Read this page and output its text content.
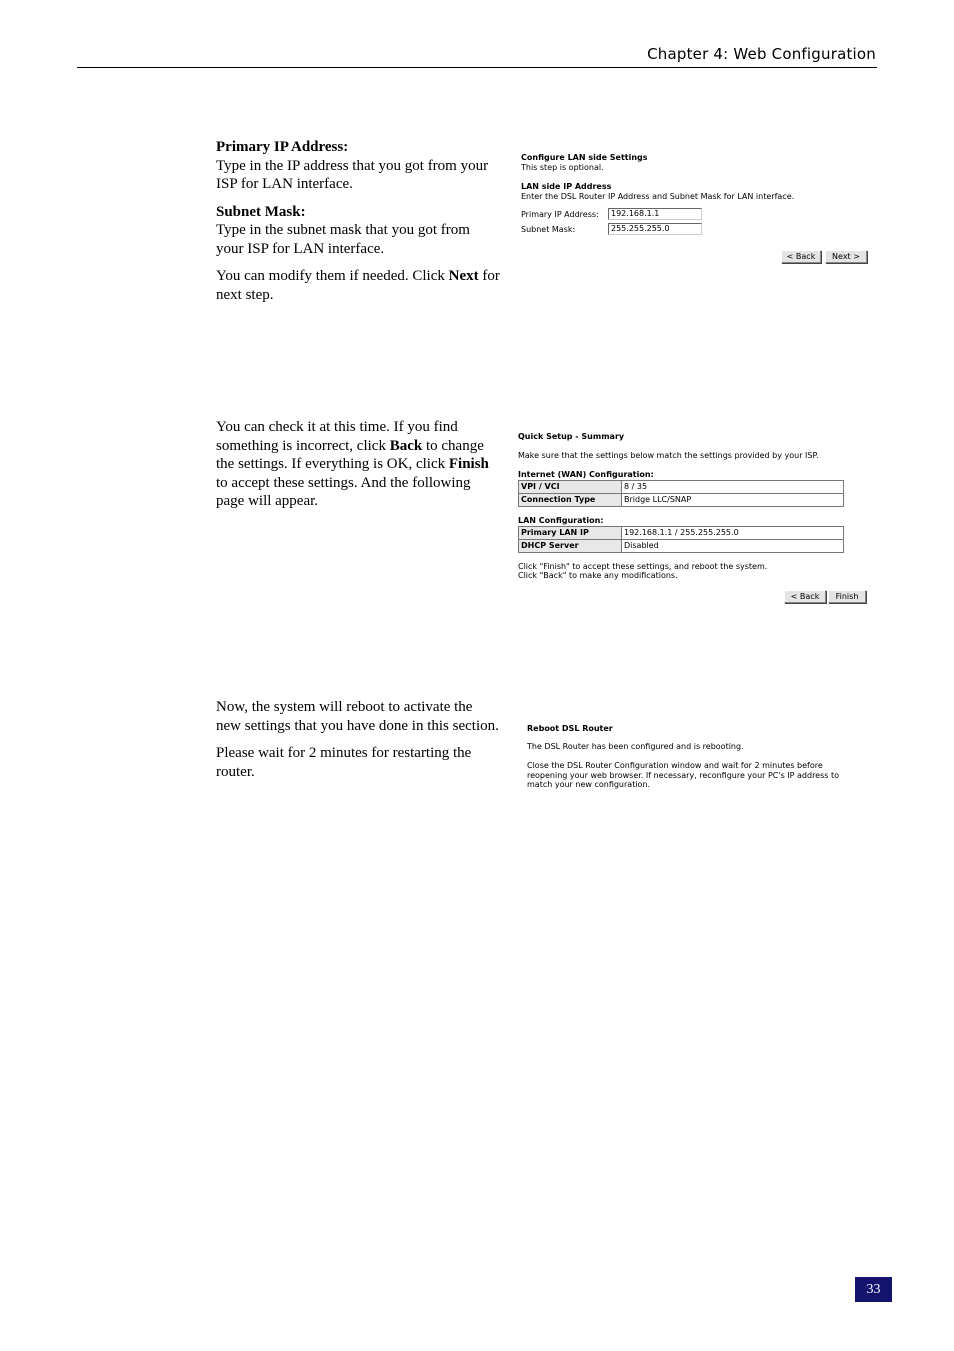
Chapter 4: Web Configuration

Primary IP Address:
Type in the IP address that you got from your ISP for LAN interface.

Subnet Mask:
Type in the subnet mask that you got from your ISP for LAN interface.

You can modify them if needed. Click Next for next step.

Configure LAN side Settings
This step is optional.
LAN side IP Address
Enter the DSL Router IP Address and Subnet Mask for LAN interface.
Primary IP Address:	192.168.1.1
Subnet Mask:	255.255.255.0
< Back	Next >

You can check it at this time. If you find something is incorrect, click Back to change the settings. If everything is OK, click Finish to accept these settings. And the following page will appear.

Quick Setup - Summary
Make sure that the settings below match the settings provided by your ISP.
Internet (WAN) Configuration:
VPI / VCI	8 / 35
Connection Type	Bridge LLC/SNAP
LAN Configuration:
Primary LAN IP	192.168.1.1 / 255.255.255.0
DHCP Server	Disabled
Click "Finish" to accept these settings, and reboot the system.
Click "Back" to make any modifications.
< Back	Finish

Now, the system will reboot to activate the new settings that you have done in this section.

Please wait for 2 minutes for restarting the router.

Reboot DSL Router
The DSL Router has been configured and is rebooting.
Close the DSL Router Configuration window and wait for 2 minutes before reopening your web browser. If necessary, reconfigure your PC's IP address to match your new configuration.
33
